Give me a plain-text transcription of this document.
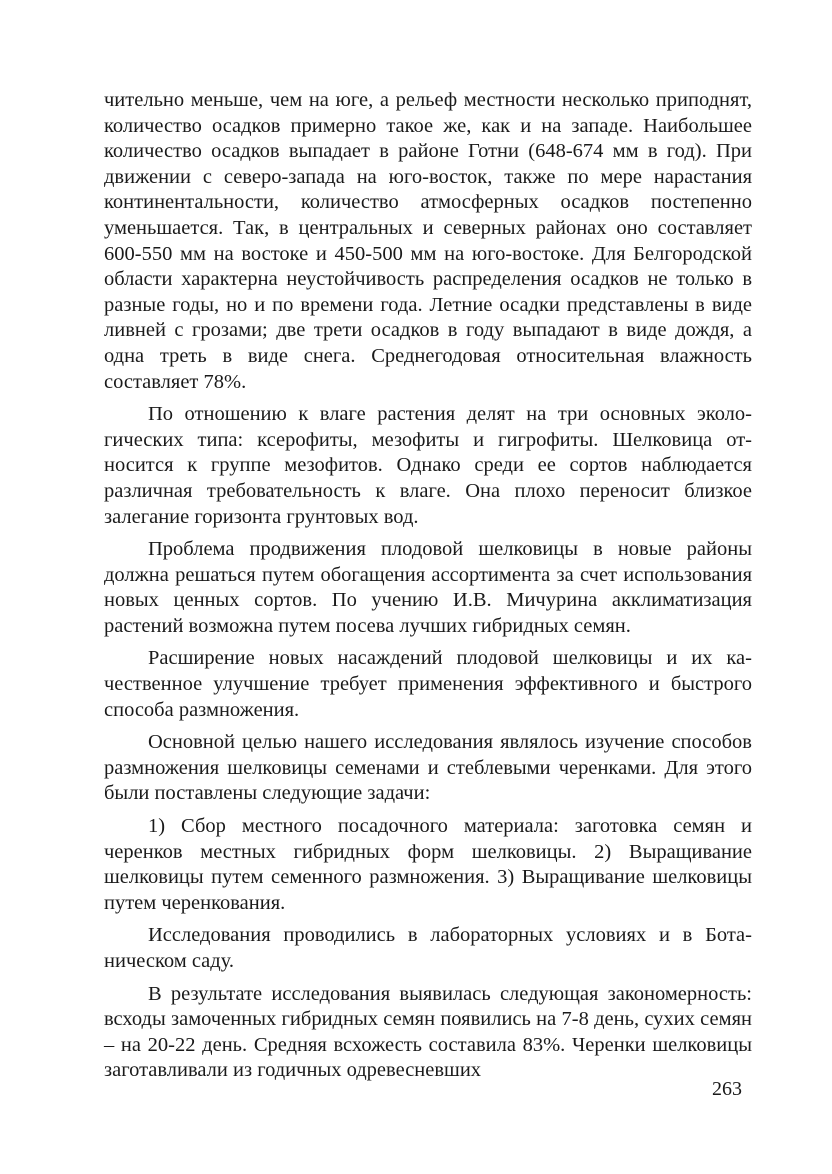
чительно меньше, чем на юге, а рельеф местности несколько приподнят, количество осадков примерно такое же, как и на западе. Наибольшее количество осадков выпадает в районе Готни (648-674 мм в год). При движении с северо-запада на юго-восток, также по мере нарастания континентальности, количество атмосферных осадков постепенно уменьшается. Так, в центральных и северных районах оно составляет 600-550 мм на востоке и 450-500 мм на юго-востоке. Для Белгородской области характерна неустойчивость распределения осадков не только в разные годы, но и по времени года. Летние осадки представлены в виде ливней с грозами; две трети осадков в году выпадают в виде дождя, а одна треть в виде снега. Среднегодовая относительная влажность составляет 78%.

По отношению к влаге растения делят на три основных экологических типа: ксерофиты, мезофиты и гигрофиты. Шелковица относится к группе мезофитов. Однако среди ее сортов наблюдается различная требовательность к влаге. Она плохо переносит близкое залегание горизонта грунтовых вод.

Проблема продвижения плодовой шелковицы в новые районы должна решаться путем обогащения ассортимента за счет использования новых ценных сортов. По учению И.В. Мичурина акклиматизация растений возможна путем посева лучших гибридных семян.

Расширение новых насаждений плодовой шелковицы и их качественное улучшение требует применения эффективного и быстрого способа размножения.

Основной целью нашего исследования являлось изучение способов размножения шелковицы семенами и стеблевыми черенками. Для этого были поставлены следующие задачи:

1) Сбор местного посадочного материала: заготовка семян и черенков местных гибридных форм шелковицы. 2) Выращивание шелковицы путем семенного размножения. 3) Выращивание шелковицы путем черенкования.

Исследования проводились в лабораторных условиях и в Ботаническом саду.

В результате исследования выявилась следующая закономерность: всходы замоченных гибридных семян появились на 7-8 день, сухих семян – на 20-22 день. Средняя всхожесть составила 83%. Черенки шелковицы заготавливали из годичных одревесневших

263
